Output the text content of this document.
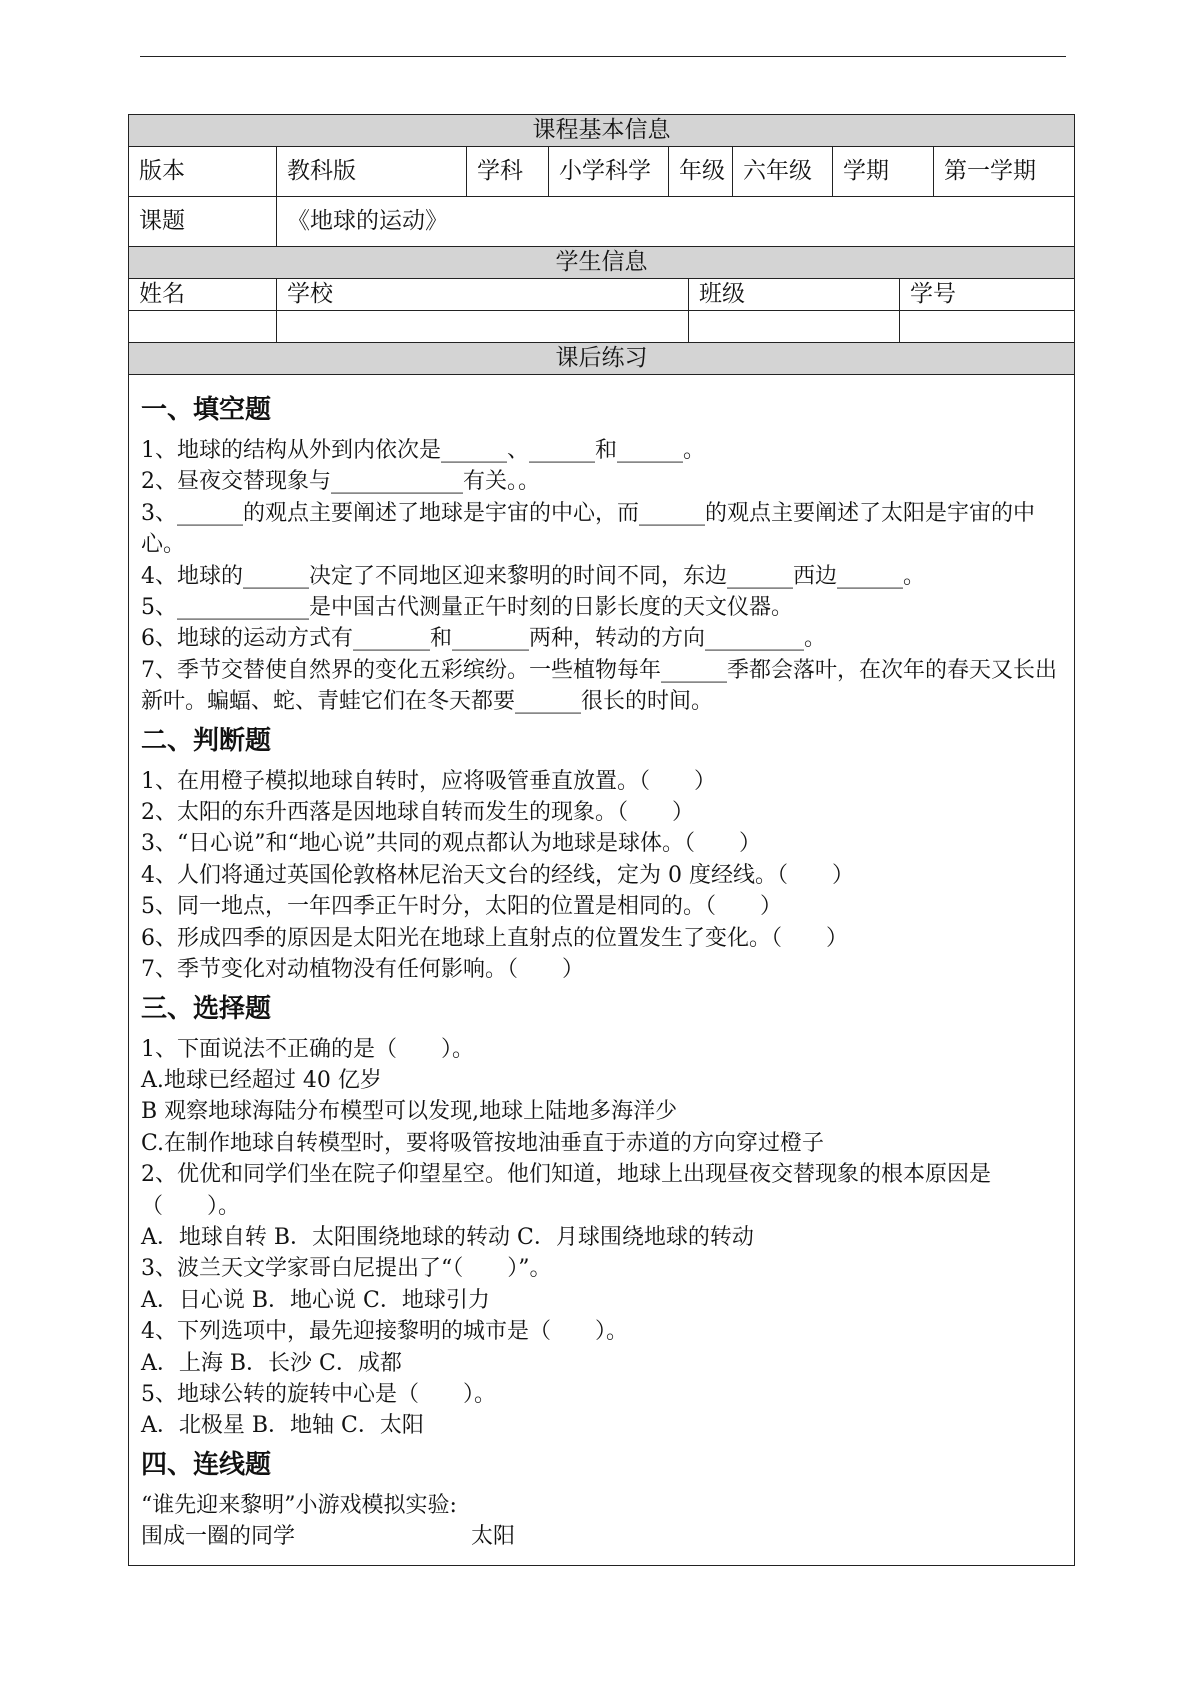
课程基本信息
版本	教科版	学科	小学科学	年级 六年级	学期	第一学期
课题	《地球的运动》
学生信息
姓名	学校	班级	学号
课后练习
一、填空题

1、地球的结构从外到内依次是______、______和______。

2、昼夜交替现象与____________有关。。

3、______的观点主要阐述了地球是宇宙的中心，而______的观点主要阐述了太阳是宇宙的中心。

4、地球的______决定了不同地区迎来黎明的时间不同，东边______西边______。

5、____________是中国古代测量正午时刻的日影长度的天文仪器。

6、地球的运动方式有_______和_______两种，转动的方向_________。

7、季节交替使自然界的变化五彩缤纷。一些植物每年______季都会落叶，在次年的春天又长出新叶。蝙蝠、蛇、青蛙它们在冬天都要______很长的时间。

二、判断题

1、在用橙子模拟地球自转时，应将吸管垂直放置。（　　）

2、太阳的东升西落是因地球自转而发生的现象。（　　）

3、“日心说”和“地心说”共同的观点都认为地球是球体。（　　）

4、人们将通过英国伦敦格林尼治天文台的经线，定为 0 度经线。（　　）

5、同一地点，一年四季正午时分，太阳的位置是相同的。（　　）

6、形成四季的原因是太阳光在地球上直射点的位置发生了变化。（　　）

7、季节变化对动植物没有任何影响。（　　）

三、选择题

1、下面说法不正确的是（　　）。

A.地球已经超过 40 亿岁

B 观察地球海陆分布模型可以发现,地球上陆地多海洋少

C.在制作地球自转模型时，要将吸管按地油垂直于赤道的方向穿过橙子

2、优优和同学们坐在院子仰望星空。他们知道，地球上出现昼夜交替现象的根本原因是（　　）。

A．地球自转 B．太阳围绕地球的转动 C．月球围绕地球的转动

3、波兰天文学家哥白尼提出了“（　　）”。

A．日心说 B．地心说 C．地球引力

4、下列选项中，最先迎接黎明的城市是（　　）。

A．上海 B．长沙 C．成都

5、地球公转的旋转中心是（　　）。

A．北极星 B．地轴 C．太阳

四、连线题

“谁先迎来黎明”小游戏模拟实验:

围成一圈的同学　　　　　　　　太阳
